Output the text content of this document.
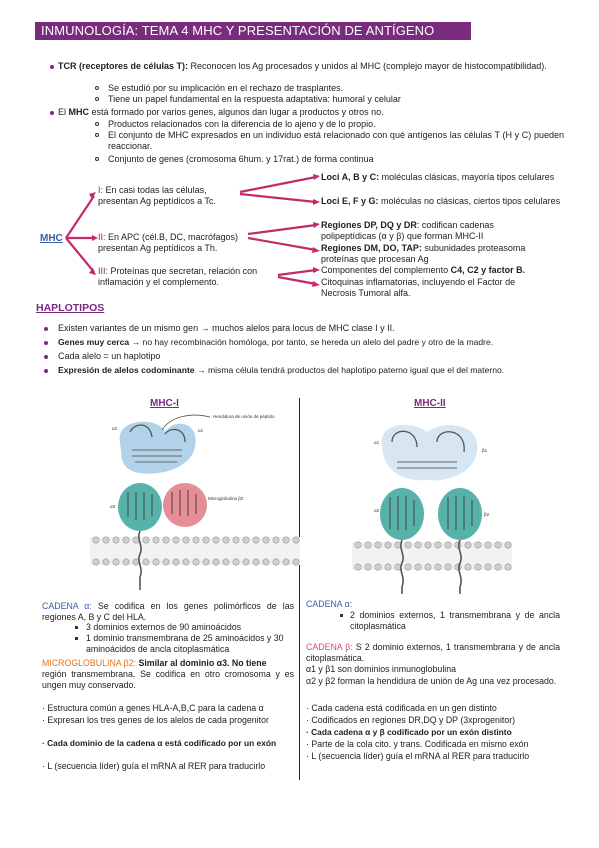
INMUNOLOGÍA: TEMA 4 MHC Y PRESENTACIÓN DE ANTÍGENO
TCR (receptores de células T): Reconocen los Ag procesados y unidos al MHC (complejo mayor de histocompatibilidad).
Se estudió por su implicación en el rechazo de trasplantes.
Tiene un papel fundamental en la respuesta adaptativa: humoral y celular
El MHC está formado por varios genes, algunos dan lugar a productos y otros no.
Productos relacionados con la diferencia de lo ajeno y de lo propio.
El conjunto de MHC expresados en un individuo está relacionado con qué antígenos las células T (H y C) pueden reaccionar.
Conjunto de genes (cromosoma 6hum. y 17rat.) de forma continua
MHC
I: En casi todas las células, presentan Ag peptídicos a Tc.
II: En APC (cél.B, DC, macrófagos) presentan Ag peptídicos a Th.
III: Proteínas que secretan, relación con inflamación y el complemento.
Loci A, B y C: moléculas clásicas, mayoría tipos celulares
Loci E, F y G: moléculas no clásicas, ciertos tipos celulares
Regiones DP, DQ y DR: codifican cadenas polipeptídicas (α y β) que forman MHC-II
Regiones DM, DO, TAP: subunidades proteasoma proteínas que procesan Ag
Componentes del complemento C4, C2 y factor B.
Citoquinas inflamatorias, incluyendo el Factor de Necrosis Tumoral alfa.
HAPLOTIPOS
Existen variantes de un mismo gen → muchos alelos para locus de MHC clase I y II.
Genes muy cerca → no hay recombinación homóloga, por tanto, se hereda un alelo del padre y otro de la madre.
Cada alelo = un haplotipo
Expresión de alelos codominante → misma célula tendrá productos del haplotipo paterno igual que el del materno.
MHC-I
Hendidura de unión de péptido
α2	α1
α3
Microglobulina β2
CADENA α: Se codifica en los genes polimórficos de las regiones A, B y C del HLA.
3 dominios externos de 90 aminoácidos
1 dominio transmembrana de 25 aminoácidos y 30 aminoácidos de ancla citoplasmática
MICROGLOBULINA β2: Similar al dominio α3. No tiene
región transmembrana. Se codifica en otro cromosoma y es ungen muy conservado.
· Estructura común a genes HLA-A,B,C para la cadena α
· Expresan los tres genes de los alelos de cada progenitor
· Cada dominio de la cadena α está codificado por un exón
· L (secuencia líder) guía el mRNA al RER para traducirlo
MHC-II
α1
β1
α2
β2
CADENA α:
2 dominios externos, 1 transmembrana y de ancla citoplasmática
CADENA β: S 2 dominio externos, 1 transmembrana y de ancla citoplasmática.
α1 y β1 son dominios inmunoglobulina
α2 y β2 forman la hendidura de unión de Ag una vez procesado.
· Cada cadena está codificada en un gen distinto
· Codificados en regiones DR,DQ y DP (3xprogenitor)
· Cada cadena α y β codificado por un exón distinto
· Parte de la cola cito. y trans. Codificada en mismo exón
· L (secuencia líder) guía el mRNA al RER para traducirlo
